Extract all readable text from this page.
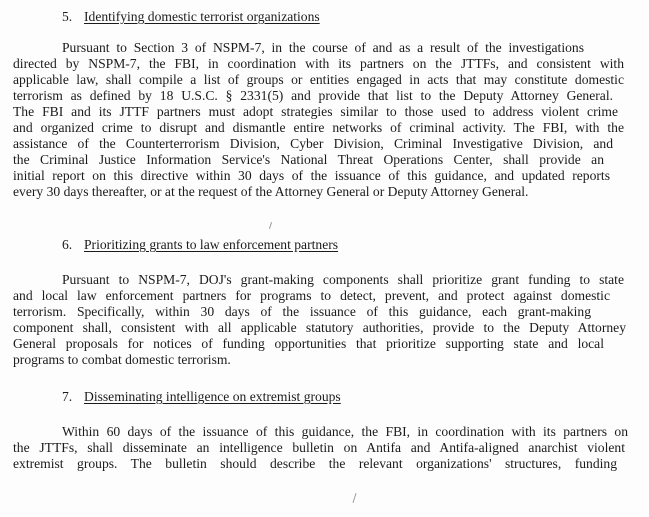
5. Identifying domestic terrorist organizations
Pursuant to Section 3 of NSPM-7, in the course of and as a result of the investigations
directed by NSPM-7, the FBI, in coordination with its partners on the JTTFs, and consistent with
applicable law, shall compile a list of groups or entities engaged in acts that may constitute domestic
terrorism as defined by 18 U.S.C. § 2331(5) and provide that list to the Deputy Attorney General.
The FBI and its JTTF partners must adopt strategies similar to those used to address violent crime
and organized crime to disrupt and dismantle entire networks of criminal activity. The FBI, with the
assistance of the Counterterrorism Division, Cyber Division, Criminal Investigative Division, and
the Criminal Justice Information Service's National Threat Operations Center, shall provide an
initial report on this directive within 30 days of the issuance of this guidance, and updated reports
every 30 days thereafter, or at the request of the Attorney General or Deputy Attorney General.
6. Prioritizing grants to law enforcement partners
Pursuant to NSPM-7, DOJ's grant-making components shall prioritize grant funding to state
and local law enforcement partners for programs to detect, prevent, and protect against domestic
terrorism. Specifically, within 30 days of the issuance of this guidance, each grant-making
component shall, consistent with all applicable statutory authorities, provide to the Deputy Attorney
General proposals for notices of funding opportunities that prioritize supporting state and local
programs to combat domestic terrorism.
7. Disseminating intelligence on extremist groups
Within 60 days of the issuance of this guidance, the FBI, in coordination with its partners on
the JTTFs, shall disseminate an intelligence bulletin on Antifa and Antifa-aligned anarchist violent
extremist groups. The bulletin should describe the relevant organizations' structures, funding
